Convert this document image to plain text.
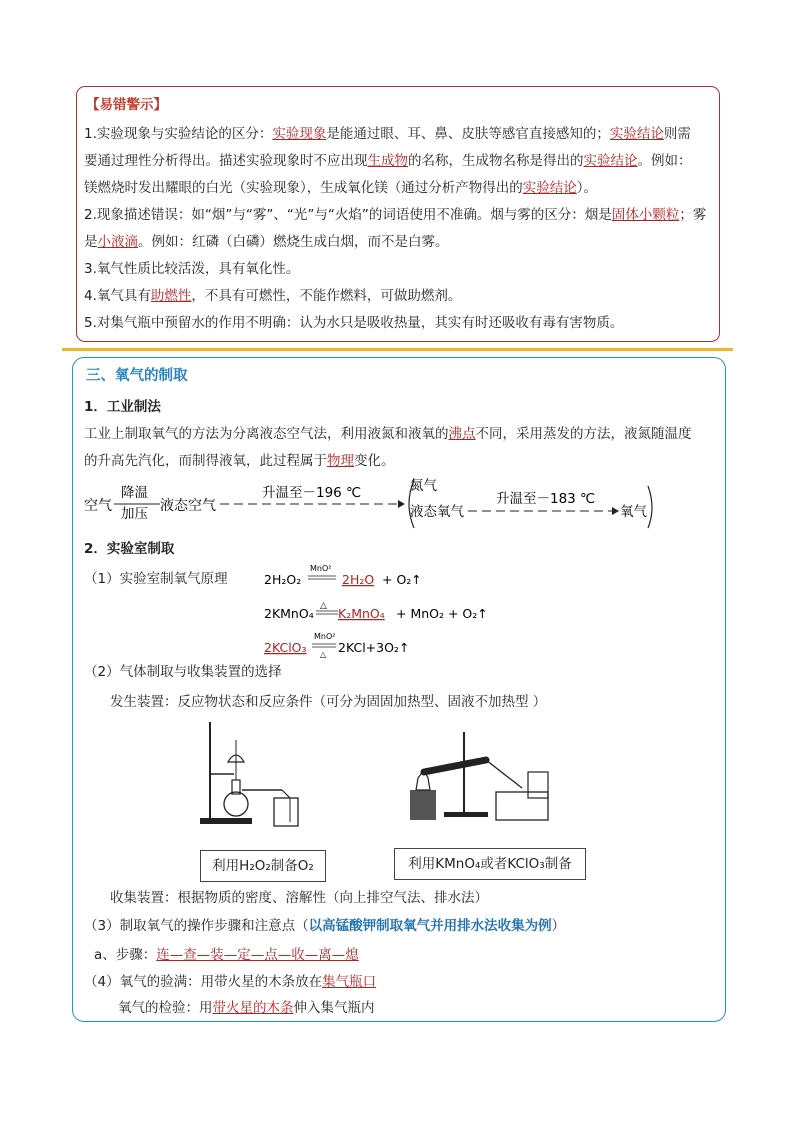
【易错警示】
1.实验现象与实验结论的区分：实验现象是能通过眼、耳、鼻、皮肤等感官直接感知的；实验结论则需
要通过理性分析得出。描述实验现象时不应出现生成物的名称，生成物名称是得出的实验结论。例如：
镁燃烧时发出耀眼的白光（实验现象），生成氧化镁（通过分析产物得出的实验结论）。
2.现象描述错误：如“烟”与“雾”、“光”与“火焰”的词语使用不准确。烟与雾的区分：烟是固体小颗粒；雾
是小液滴。例如：红磷（白磷）燃烧生成白烟，而不是白雾。
3.氧气性质比较活泼，具有氧化性。
4.氧气具有助燃性，不具有可燃性，不能作燃料，可做助燃剂。
5.对集气瓶中预留水的作用不明确：认为水只是吸收热量，其实有时还吸收有毒有害物质。
三、氧气的制取
1．工业制法
工业上制取氧气的方法为分离液态空气法，利用液氮和液氧的沸点不同，采用蒸发的方法，液氮随温度
的升高先汽化，而制得液氧，此过程属于物理变化。
空气
降温
加压 液态空气
升温至－196 ℃	氮气
液态氧气
升温至－183 ℃
氧气
2．实验室制取
（1）实验室制氧气原理	2H₂O₂
MnO²
2H₂O + O₂↑
2KMnO₄ △ K₂MnO₄ + MnO₂ + O₂↑
2KClO₃
MnO²
△ 2KCl+3O₂↑
（2）气体制取与收集装置的选择
发生装置：反应物状态和反应条件（可分为固固加热型、固液不加热型 ）
利用H₂O₂制备O₂	利用KMnO₄或者KClO₃制备
收集装置：根据物质的密度、溶解性（向上排空气法、排水法）
（3）制取氧气的操作步骤和注意点（以高锰酸钾制取氧气并用排水法收集为例）
a、步骤：连—查—装—定—点—收—离—熄
（4）氧气的验满：用带火星的木条放在集气瓶口
氧气的检验：用带火星的木条伸入集气瓶内
